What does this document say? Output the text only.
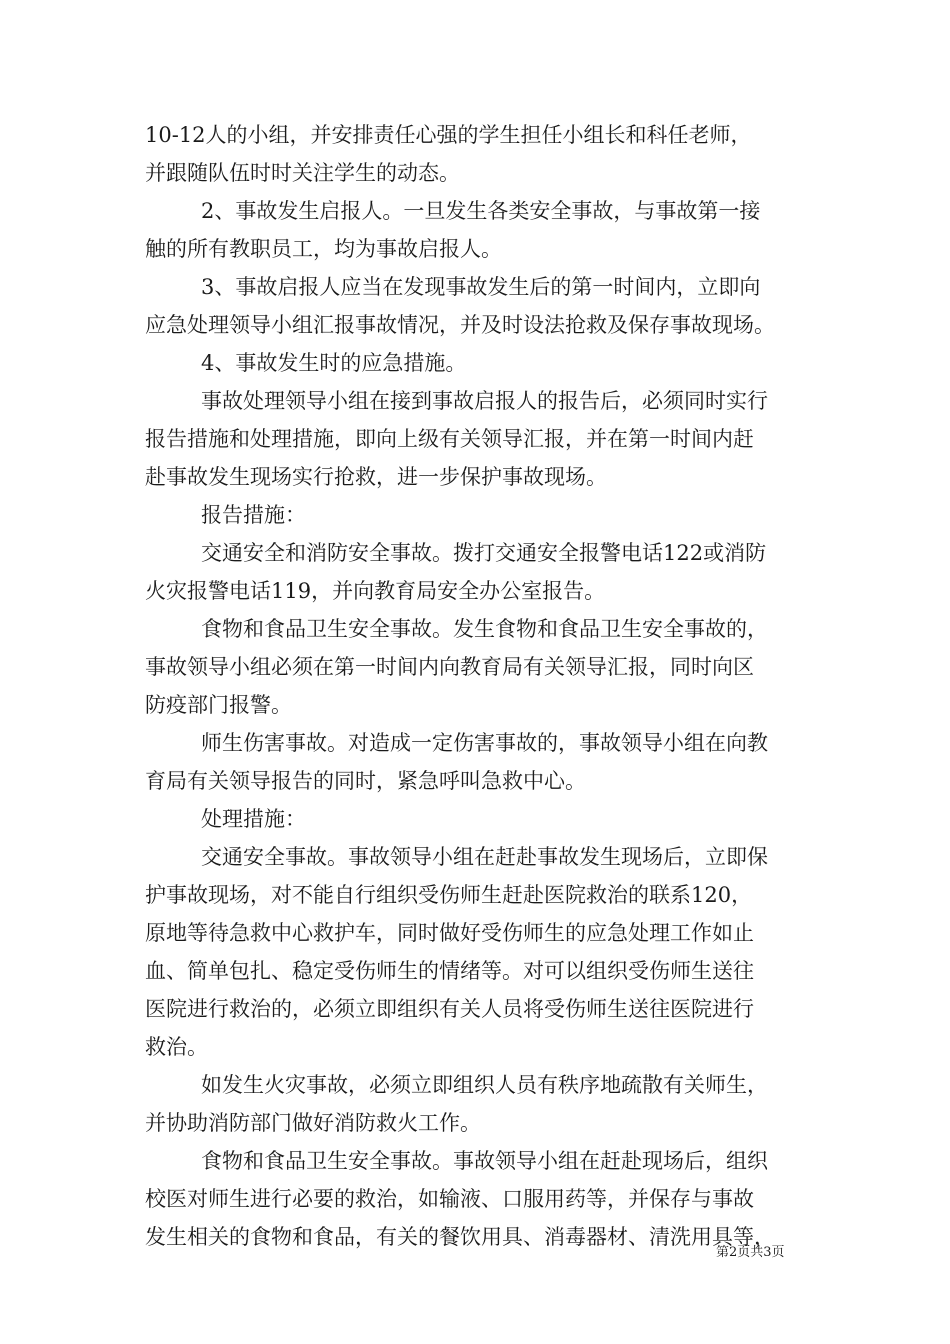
10-12人的小组，并安排责任心强的学生担任小组长和科任老师，

并跟随队伍时时关注学生的动态。

2、事故发生启报人。一旦发生各类安全事故，与事故第一接

触的所有教职员工，均为事故启报人。

3、事故启报人应当在发现事故发生后的第一时间内，立即向

应急处理领导小组汇报事故情况，并及时设法抢救及保存事故现场。

4、事故发生时的应急措施。

事故处理领导小组在接到事故启报人的报告后，必须同时实行

报告措施和处理措施，即向上级有关领导汇报，并在第一时间内赶

赴事故发生现场实行抢救，进一步保护事故现场。

报告措施：

交通安全和消防安全事故。拨打交通安全报警电话122或消防

火灾报警电话119，并向教育局安全办公室报告。

食物和食品卫生安全事故。发生食物和食品卫生安全事故的，

事故领导小组必须在第一时间内向教育局有关领导汇报，同时向区

防疫部门报警。

师生伤害事故。对造成一定伤害事故的，事故领导小组在向教

育局有关领导报告的同时，紧急呼叫急救中心。

处理措施：

交通安全事故。事故领导小组在赶赴事故发生现场后，立即保

护事故现场，对不能自行组织受伤师生赶赴医院救治的联系120，

原地等待急救中心救护车，同时做好受伤师生的应急处理工作如止

血、简单包扎、稳定受伤师生的情绪等。对可以组织受伤师生送往

医院进行救治的，必须立即组织有关人员将受伤师生送往医院进行

救治。

如发生火灾事故，必须立即组织人员有秩序地疏散有关师生，

并协助消防部门做好消防救火工作。

食物和食品卫生安全事故。事故领导小组在赶赴现场后，组织

校医对师生进行必要的救治，如输液、口服用药等，并保存与事故

发生相关的食物和食品，有关的餐饮用具、消毒器材、清洗用具等，

第2页共3页
